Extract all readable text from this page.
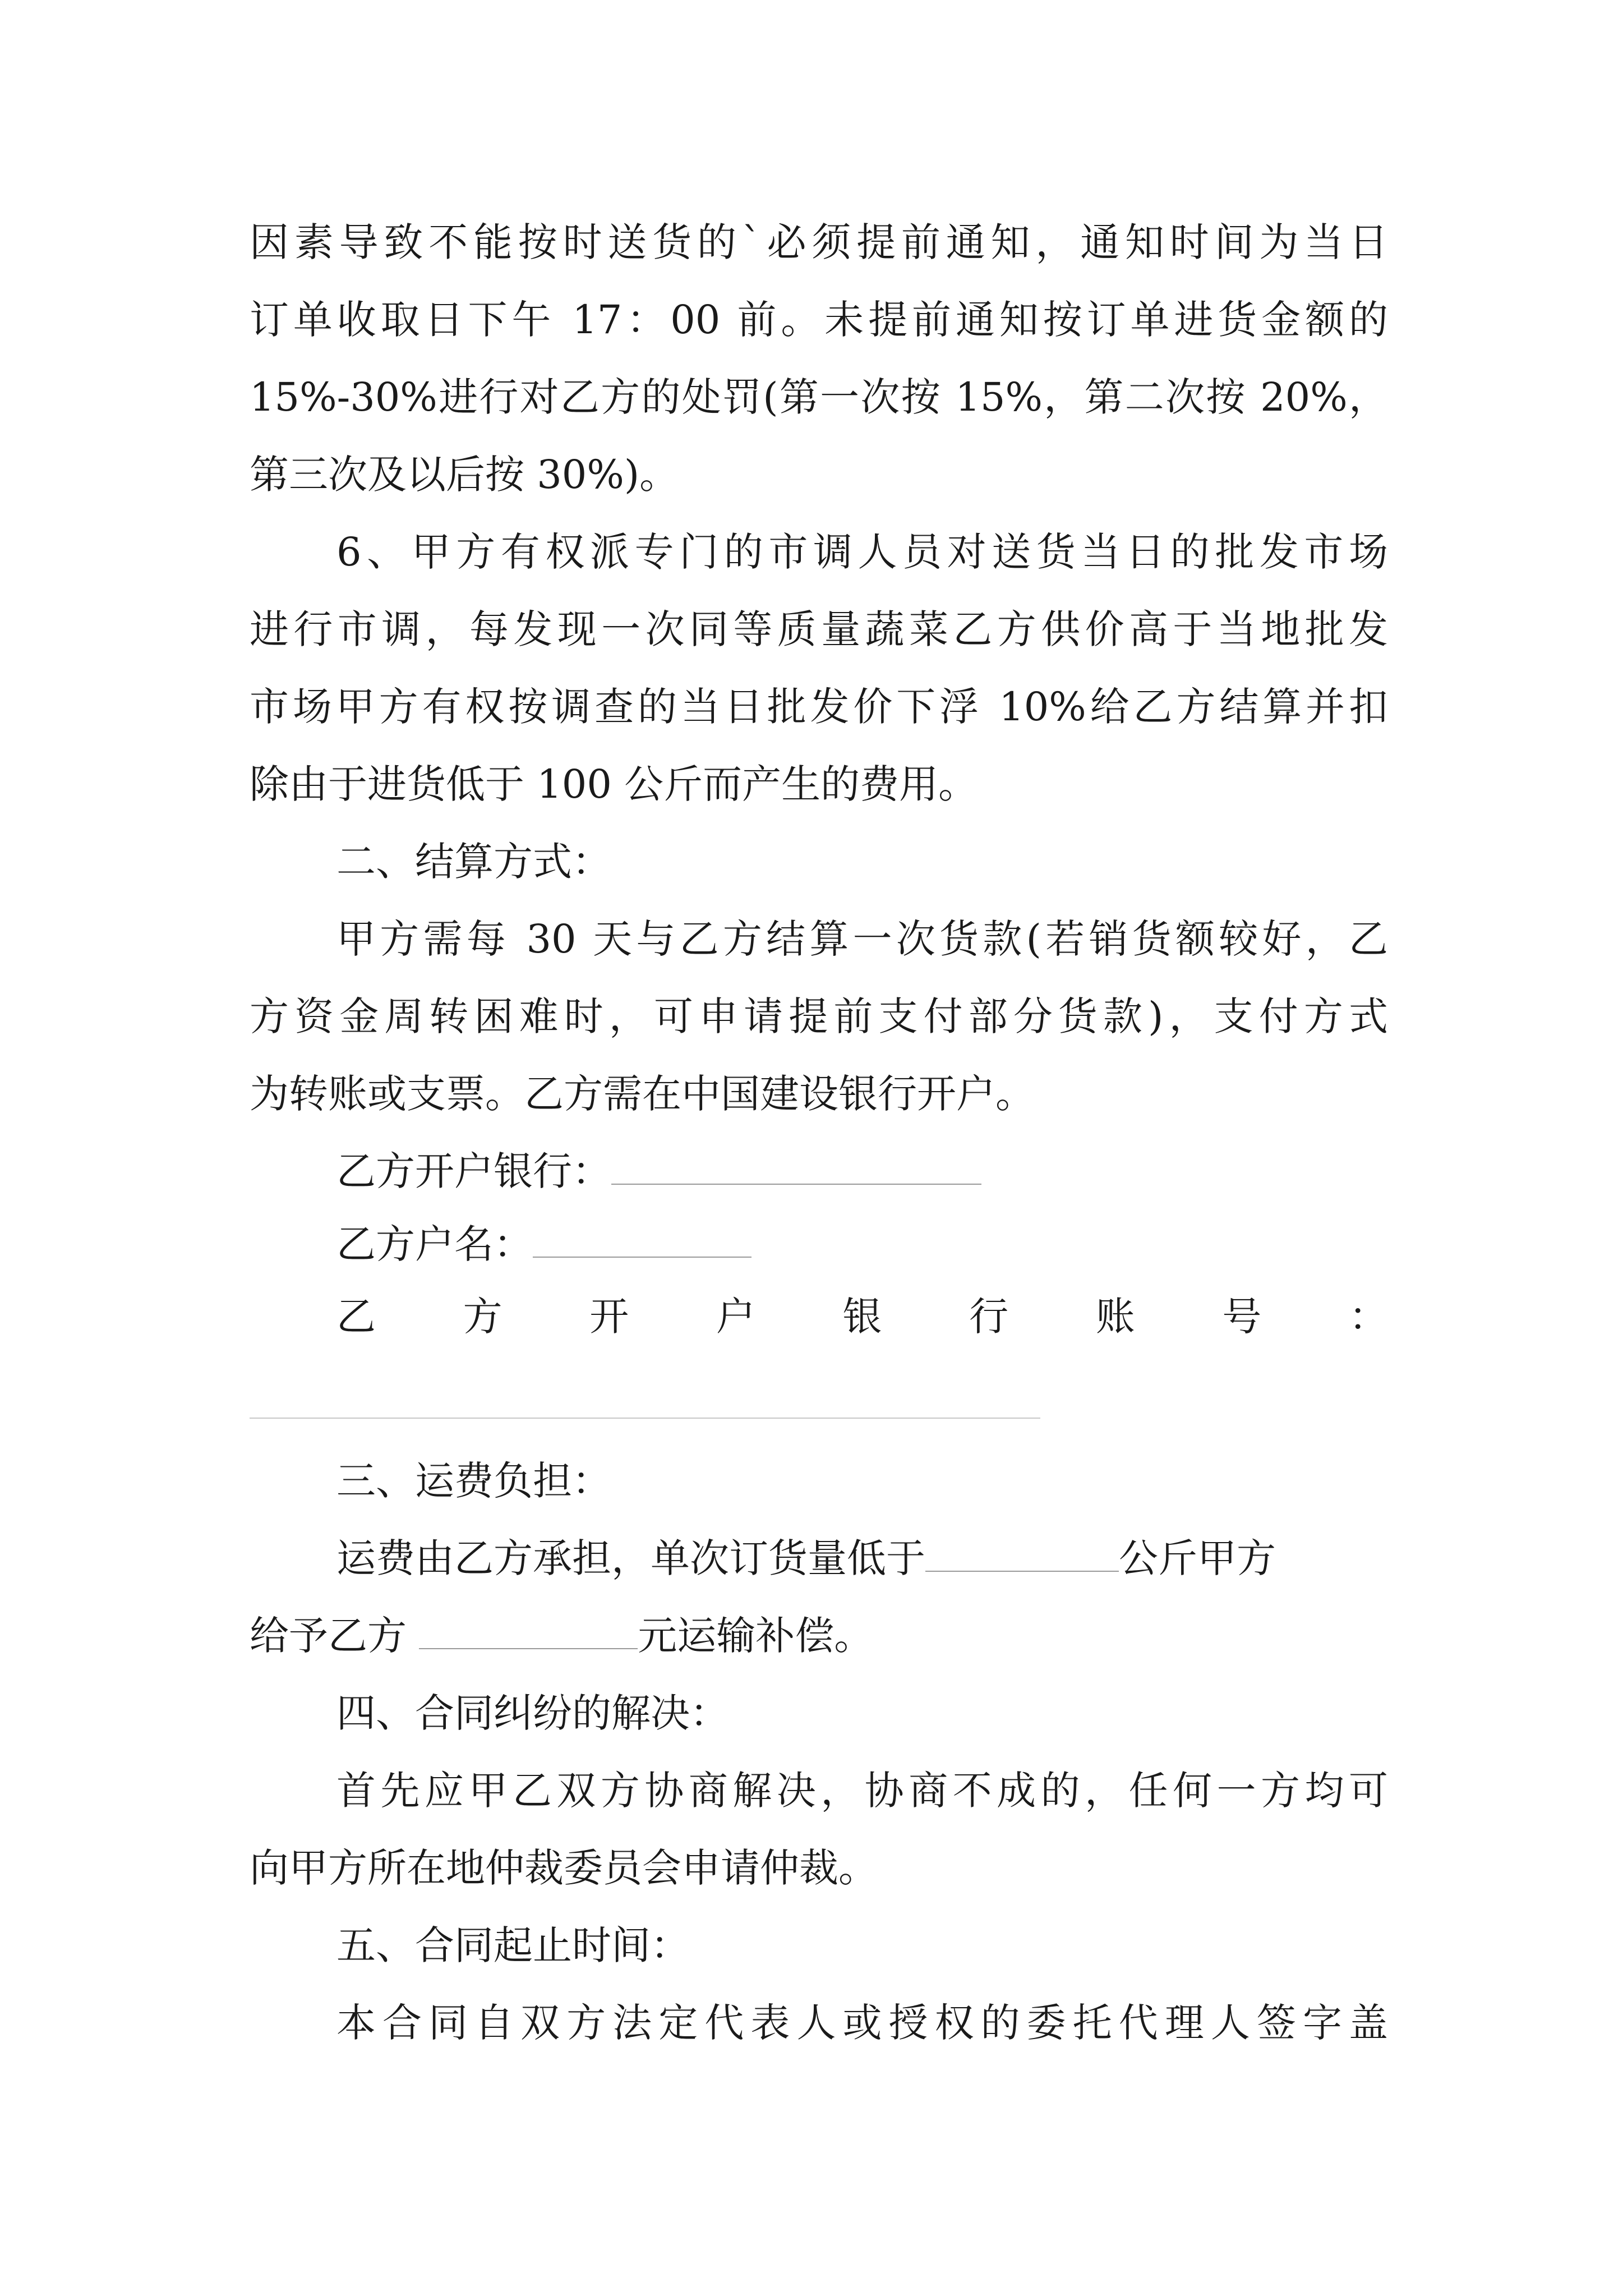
因素导致不能按时送货的`必须提前通知，通知时间为当日
订单收取日下午 17：00 前。未提前通知按订单进货金额的
15%-30%进行对乙方的处罚(第一次按 15%，第二次按 20%，
第三次及以后按 30%)。
6、甲方有权派专门的市调人员对送货当日的批发市场
进行市调，每发现一次同等质量蔬菜乙方供价高于当地批发
市场甲方有权按调查的当日批发价下浮 10%给乙方结算并扣
除由于进货低于 100 公斤而产生的费用。
二、结算方式：
甲方需每 30 天与乙方结算一次货款(若销货额较好，乙
方资金周转困难时，可申请提前支付部分货款)，支付方式
为转账或支票。乙方需在中国建设银行开户。
乙方开户银行：
乙方户名：
乙 方 开 户 银 行 账 号 ：
三、运费负担：
运费由乙方承担，单次订货量低于	公斤甲方
给予乙方	元运输补偿。
四、合同纠纷的解决：
首先应甲乙双方协商解决，协商不成的，任何一方均可
向甲方所在地仲裁委员会申请仲裁。
五、合同起止时间：
本合同自双方法定代表人或授权的委托代理人签字盖
